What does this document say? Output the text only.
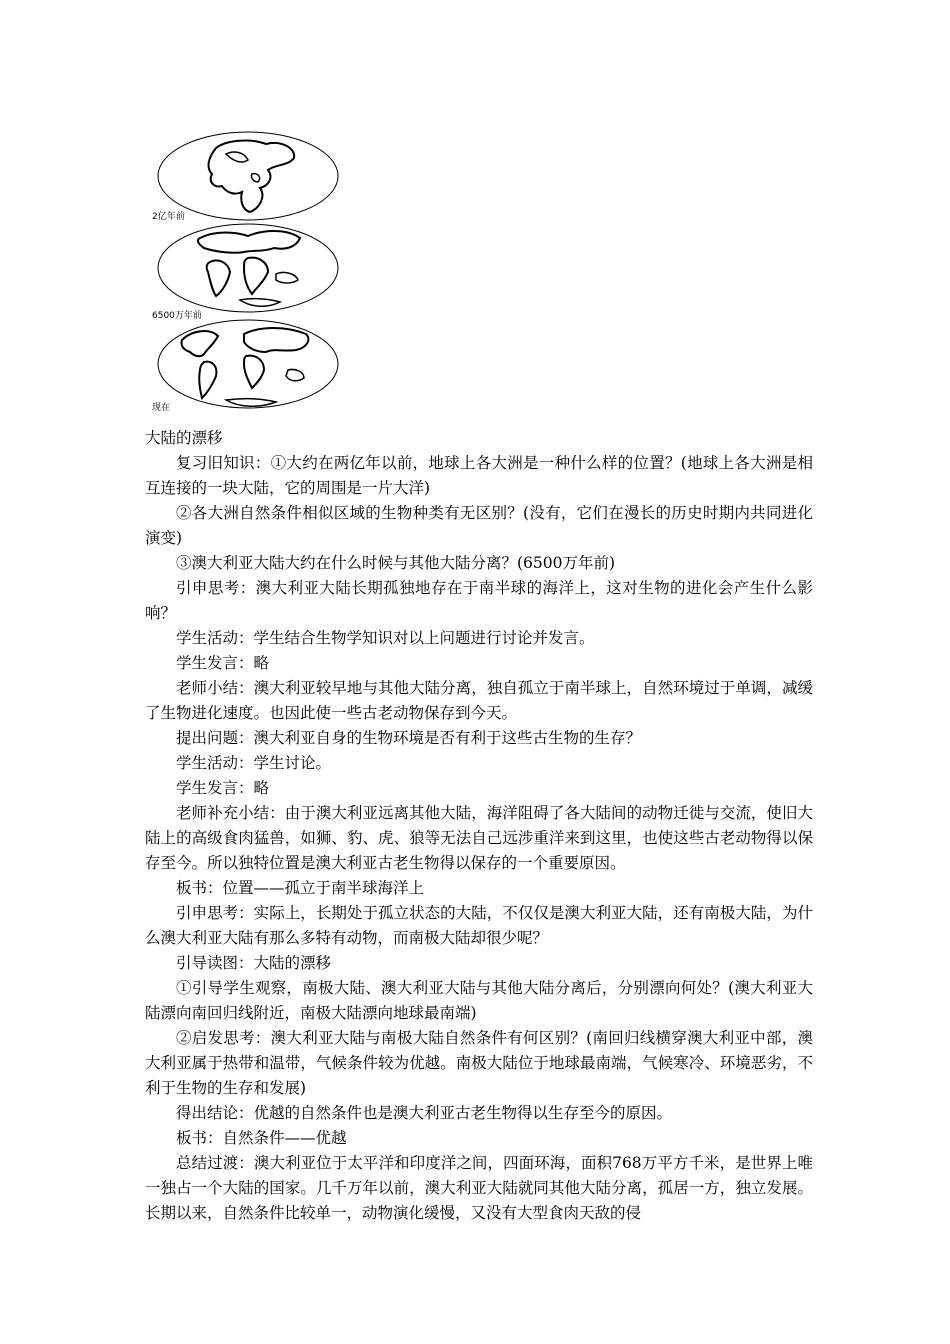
2亿年前
6500万年前
现在
大陆的漂移
复习旧知识：①大约在两亿年以前，地球上各大洲是一种什么样的位置？(地球上各大洲是相互连接的一块大陆，它的周围是一片大洋)
②各大洲自然条件相似区域的生物种类有无区别？(没有，它们在漫长的历史时期内共同进化演变)
③澳大利亚大陆大约在什么时候与其他大陆分离？(6500万年前)
引申思考：澳大利亚大陆长期孤独地存在于南半球的海洋上，这对生物的进化会产生什么影响？
学生活动：学生结合生物学知识对以上问题进行讨论并发言。
学生发言：略
老师小结：澳大利亚较早地与其他大陆分离，独自孤立于南半球上，自然环境过于单调，减缓了生物进化速度。也因此使一些古老动物保存到今天。
提出问题：澳大利亚自身的生物环境是否有利于这些古生物的生存？
学生活动：学生讨论。
学生发言：略
老师补充小结：由于澳大利亚远离其他大陆，海洋阻碍了各大陆间的动物迁徙与交流，使旧大陆上的高级食肉猛兽，如狮、豹、虎、狼等无法自己远涉重洋来到这里，也使这些古老动物得以保存至今。所以独特位置是澳大利亚古老生物得以保存的一个重要原因。
板书：位置——孤立于南半球海洋上
引申思考：实际上，长期处于孤立状态的大陆，不仅仅是澳大利亚大陆，还有南极大陆，为什么澳大利亚大陆有那么多特有动物，而南极大陆却很少呢？
引导读图：大陆的漂移
①引导学生观察，南极大陆、澳大利亚大陆与其他大陆分离后，分别漂向何处？(澳大利亚大陆漂向南回归线附近，南极大陆漂向地球最南端)
②启发思考：澳大利亚大陆与南极大陆自然条件有何区别？(南回归线横穿澳大利亚中部，澳大利亚属于热带和温带，气候条件较为优越。南极大陆位于地球最南端，气候寒冷、环境恶劣，不利于生物的生存和发展)
得出结论：优越的自然条件也是澳大利亚古老生物得以生存至今的原因。
板书：自然条件——优越
总结过渡：澳大利亚位于太平洋和印度洋之间，四面环海，面积768万平方千米，是世界上唯一独占一个大陆的国家。几千万年以前，澳大利亚大陆就同其他大陆分离，孤居一方，独立发展。长期以来，自然条件比较单一，动物演化缓慢，又没有大型食肉天敌的侵
